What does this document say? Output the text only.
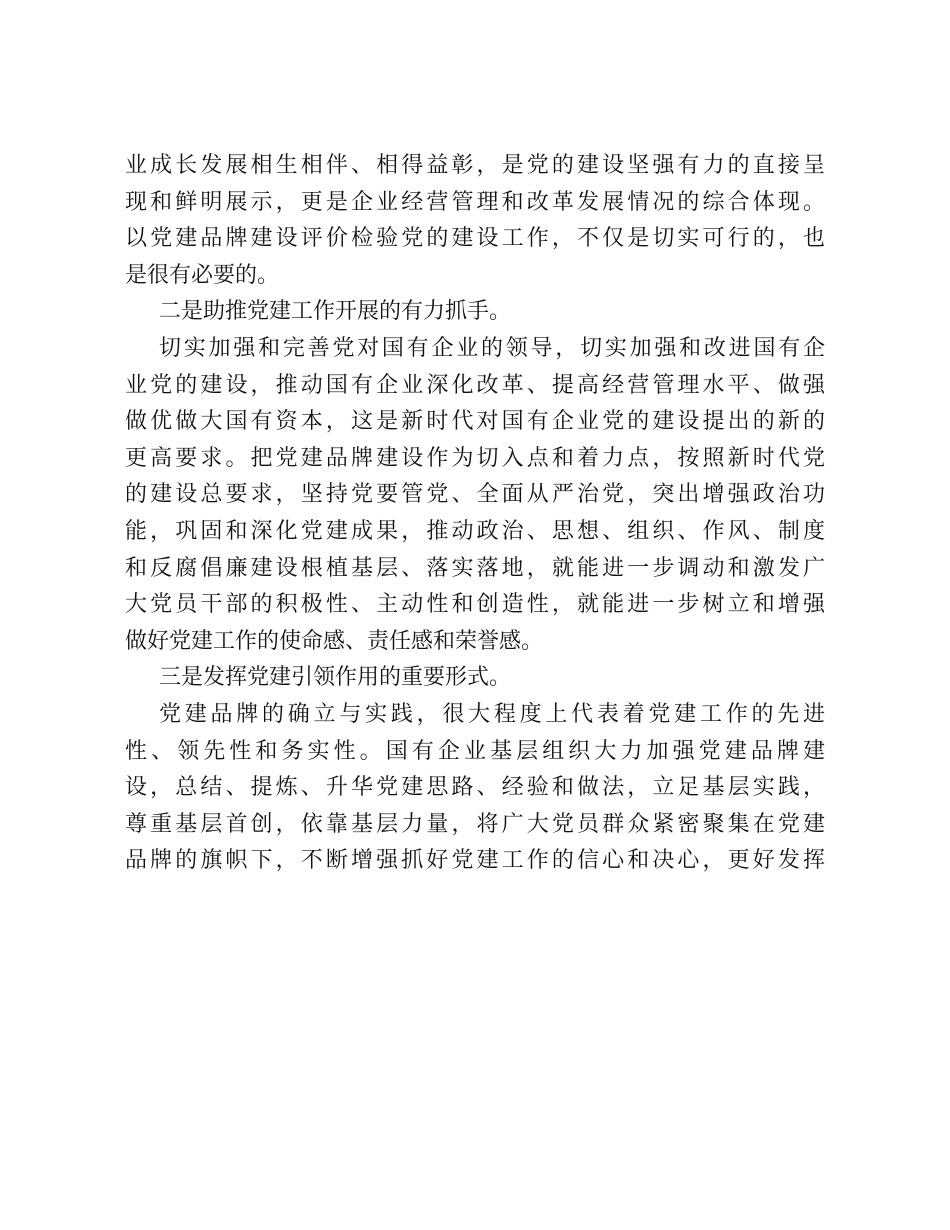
业成长发展相生相伴、相得益彰，是党的建设坚强有力的直接呈
现和鲜明展示，更是企业经营管理和改革发展情况的综合体现。
以党建品牌建设评价检验党的建设工作，不仅是切实可行的，也
是很有必要的。
二是助推党建工作开展的有力抓手。
切实加强和完善党对国有企业的领导，切实加强和改进国有企
业党的建设，推动国有企业深化改革、提高经营管理水平、做强
做优做大国有资本，这是新时代对国有企业党的建设提出的新的
更高要求。把党建品牌建设作为切入点和着力点，按照新时代党
的建设总要求，坚持党要管党、全面从严治党，突出增强政治功
能，巩固和深化党建成果，推动政治、思想、组织、作风、制度
和反腐倡廉建设根植基层、落实落地，就能进一步调动和激发广
大党员干部的积极性、主动性和创造性，就能进一步树立和增强
做好党建工作的使命感、责任感和荣誉感。
三是发挥党建引领作用的重要形式。
党建品牌的确立与实践，很大程度上代表着党建工作的先进
性、领先性和务实性。国有企业基层组织大力加强党建品牌建
设，总结、提炼、升华党建思路、经验和做法，立足基层实践，
尊重基层首创，依靠基层力量，将广大党员群众紧密聚集在党建
品牌的旗帜下，不断增强抓好党建工作的信心和决心，更好发挥
